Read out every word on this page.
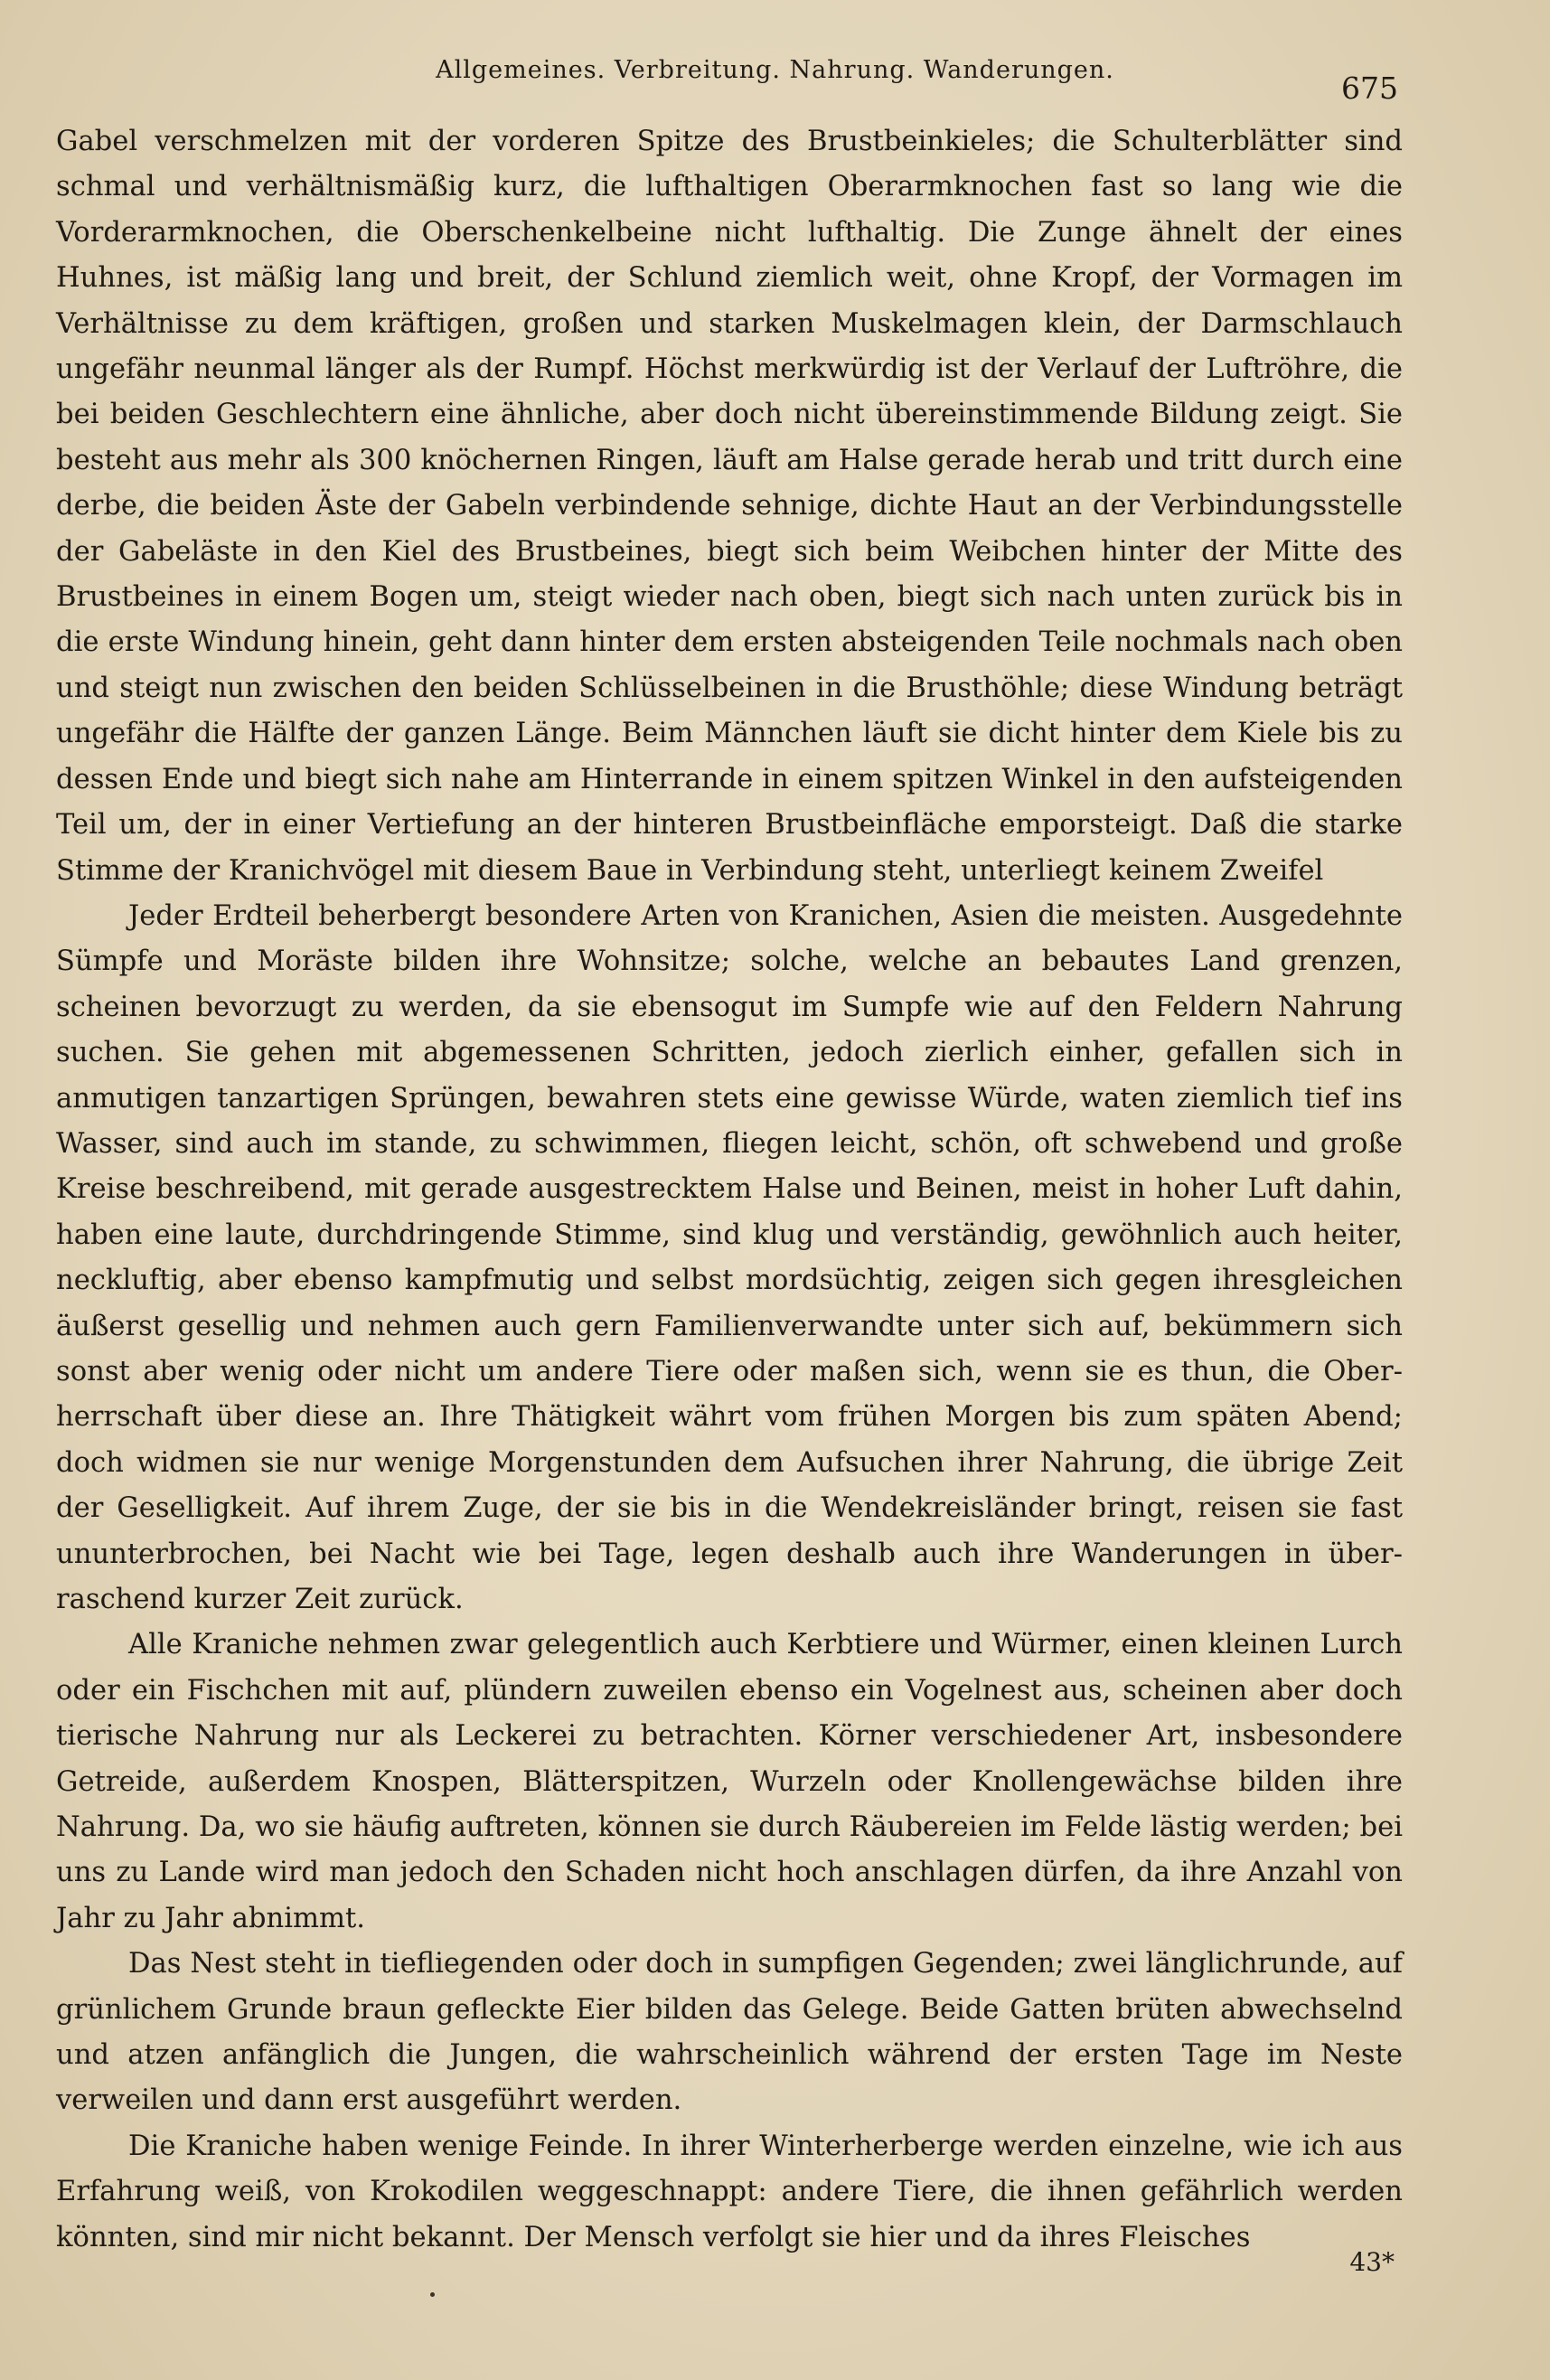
Allgemeines. Verbreitung. Nahrung. Wanderungen.
675

Gabel verschmelzen mit der vorderen Spitze des Brustbeinkieles; die Schulterblätter sind schmal und verhältnismäßig kurz, die lufthaltigen Oberarmknochen fast so lang wie die Vorderarmknochen, die Oberschenkelbeine nicht lufthaltig. Die Zunge ähnelt der eines Huhnes, ist mäßig lang und breit, der Schlund ziemlich weit, ohne Kropf, der Vormagen im Verhältnisse zu dem kräftigen, großen und starken Muskelmagen klein, der Darmschlauch ungefähr neunmal länger als der Rumpf. Höchst merkwürdig ist der Verlauf der Luftröhre, die bei beiden Geschlechtern eine ähnliche, aber doch nicht übereinstimmende Bildung zeigt. Sie besteht aus mehr als 300 knöchernen Ringen, läuft am Halse gerade herab und tritt durch eine derbe, die beiden Äste der Gabeln verbindende sehnige, dichte Haut an der Verbindungsstelle der Gabeläste in den Kiel des Brustbeines, biegt sich beim Weibchen hinter der Mitte des Brustbeines in einem Bogen um, steigt wieder nach oben, biegt sich nach unten zurück bis in die erste Windung hinein, geht dann hinter dem ersten absteigenden Teile nochmals nach oben und steigt nun zwischen den beiden Schlüsselbeinen in die Brusthöhle; diese Windung beträgt ungefähr die Hälfte der ganzen Länge. Beim Männchen läuft sie dicht hinter dem Kiele bis zu dessen Ende und biegt sich nahe am Hinterrande in einem spitzen Winkel in den aufsteigenden Teil um, der in einer Vertiefung an der hinteren Brustbeinfläche emporsteigt. Daß die starke Stimme der Kranichvögel mit diesem Baue in Verbindung steht, unterliegt keinem Zweifel

Jeder Erdteil beherbergt besondere Arten von Kranichen, Asien die meisten. Ausgedehnte Sümpfe und Moräste bilden ihre Wohnsitze; solche, welche an bebautes Land grenzen, scheinen bevorzugt zu werden, da sie ebensogut im Sumpfe wie auf den Feldern Nahrung suchen. Sie gehen mit abgemessenen Schritten, jedoch zierlich einher, gefallen sich in anmutigen tanzartigen Sprüngen, bewahren stets eine gewisse Würde, waten ziemlich tief ins Wasser, sind auch im stande, zu schwimmen, fliegen leicht, schön, oft schwebend und große Kreise beschreibend, mit gerade ausgestrecktem Halse und Beinen, meist in hoher Luft dahin, haben eine laute, durchdringende Stimme, sind klug und verständig, gewöhnlich auch heiter, neckluftig, aber ebenso kampfmutig und selbst mordsüchtig, zeigen sich gegen ihresgleichen äußerst gesellig und nehmen auch gern Familienverwandte unter sich auf, bekümmern sich sonst aber wenig oder nicht um andere Tiere oder maßen sich, wenn sie es thun, die Oberherrschaft über diese an. Ihre Thätigkeit währt vom frühen Morgen bis zum späten Abend; doch widmen sie nur wenige Morgenstunden dem Aufsuchen ihrer Nahrung, die übrige Zeit der Geselligkeit. Auf ihrem Zuge, der sie bis in die Wendekreisländer bringt, reisen sie fast ununterbrochen, bei Nacht wie bei Tage, legen deshalb auch ihre Wanderungen in überraschend kurzer Zeit zurück.

Alle Kraniche nehmen zwar gelegentlich auch Kerbtiere und Würmer, einen kleinen Lurch oder ein Fischchen mit auf, plündern zuweilen ebenso ein Vogelnest aus, scheinen aber doch tierische Nahrung nur als Leckerei zu betrachten. Körner verschiedener Art, insbesondere Getreide, außerdem Knospen, Blätterspitzen, Wurzeln oder Knollengewächse bilden ihre Nahrung. Da, wo sie häufig auftreten, können sie durch Räubereien im Felde lästig werden; bei uns zu Lande wird man jedoch den Schaden nicht hoch anschlagen dürfen, da ihre Anzahl von Jahr zu Jahr abnimmt.

Das Nest steht in tiefliegenden oder doch in sumpfigen Gegenden; zwei länglichrunde, auf grünlichem Grunde braun gefleckte Eier bilden das Gelege. Beide Gatten brüten abwechselnd und atzen anfänglich die Jungen, die wahrscheinlich während der ersten Tage im Neste verweilen und dann erst ausgeführt werden.

Die Kraniche haben wenige Feinde. In ihrer Winterherberge werden einzelne, wie ich aus Erfahrung weiß, von Krokodilen weggeschnappt: andere Tiere, die ihnen gefährlich werden könnten, sind mir nicht bekannt. Der Mensch verfolgt sie hier und da ihres Fleisches

43*
